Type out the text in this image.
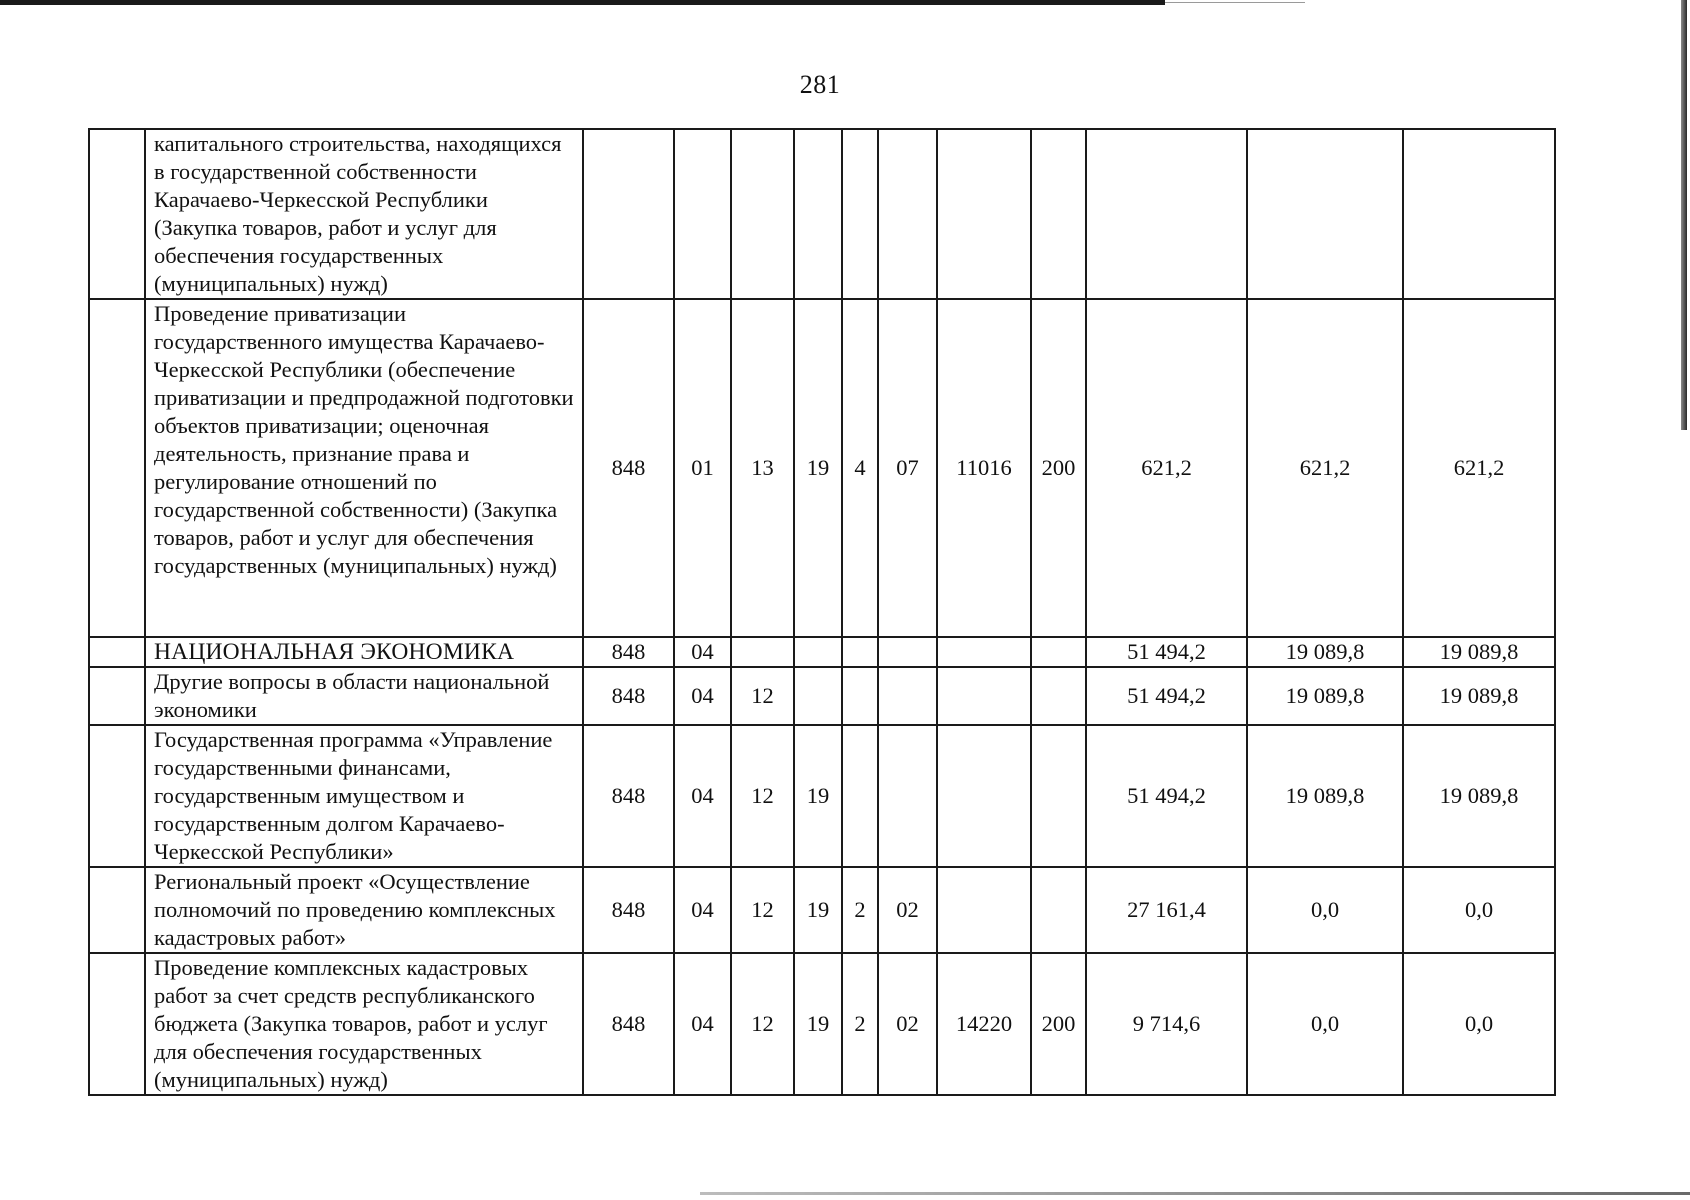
281
	капитального строительства, находящихся в государственной собственности Карачаево-Черкесской Республики (Закупка товаров, работ и услуг для обеспечения государственных (муниципальных) нужд)											
	Проведение приватизации государственного имущества Карачаево-Черкесской Республики (обеспечение приватизации и предпродажной подготовки объектов приватизации; оценочная деятельность, признание права и регулирование отношений по государственной собственности) (Закупка товаров, работ и услуг для обеспечения государственных (муниципальных) нужд)	848	01	13	19	4	07	11016	200	621,2	621,2	621,2
	НАЦИОНАЛЬНАЯ ЭКОНОМИКА	848	04							51 494,2	19 089,8	19 089,8
	Другие вопросы в области национальной экономики	848	04	12						51 494,2	19 089,8	19 089,8
	Государственная программа «Управление государственными финансами, государственным имуществом и государственным долгом Карачаево-Черкесской Республики»	848	04	12	19					51 494,2	19 089,8	19 089,8
	Региональный проект «Осуществление полномочий по проведению комплексных кадастровых работ»	848	04	12	19	2	02			27 161,4	0,0	0,0
	Проведение комплексных кадастровых работ за счет средств республиканского бюджета (Закупка товаров, работ и услуг для обеспечения государственных (муниципальных) нужд)	848	04	12	19	2	02	14220	200	9 714,6	0,0	0,0
